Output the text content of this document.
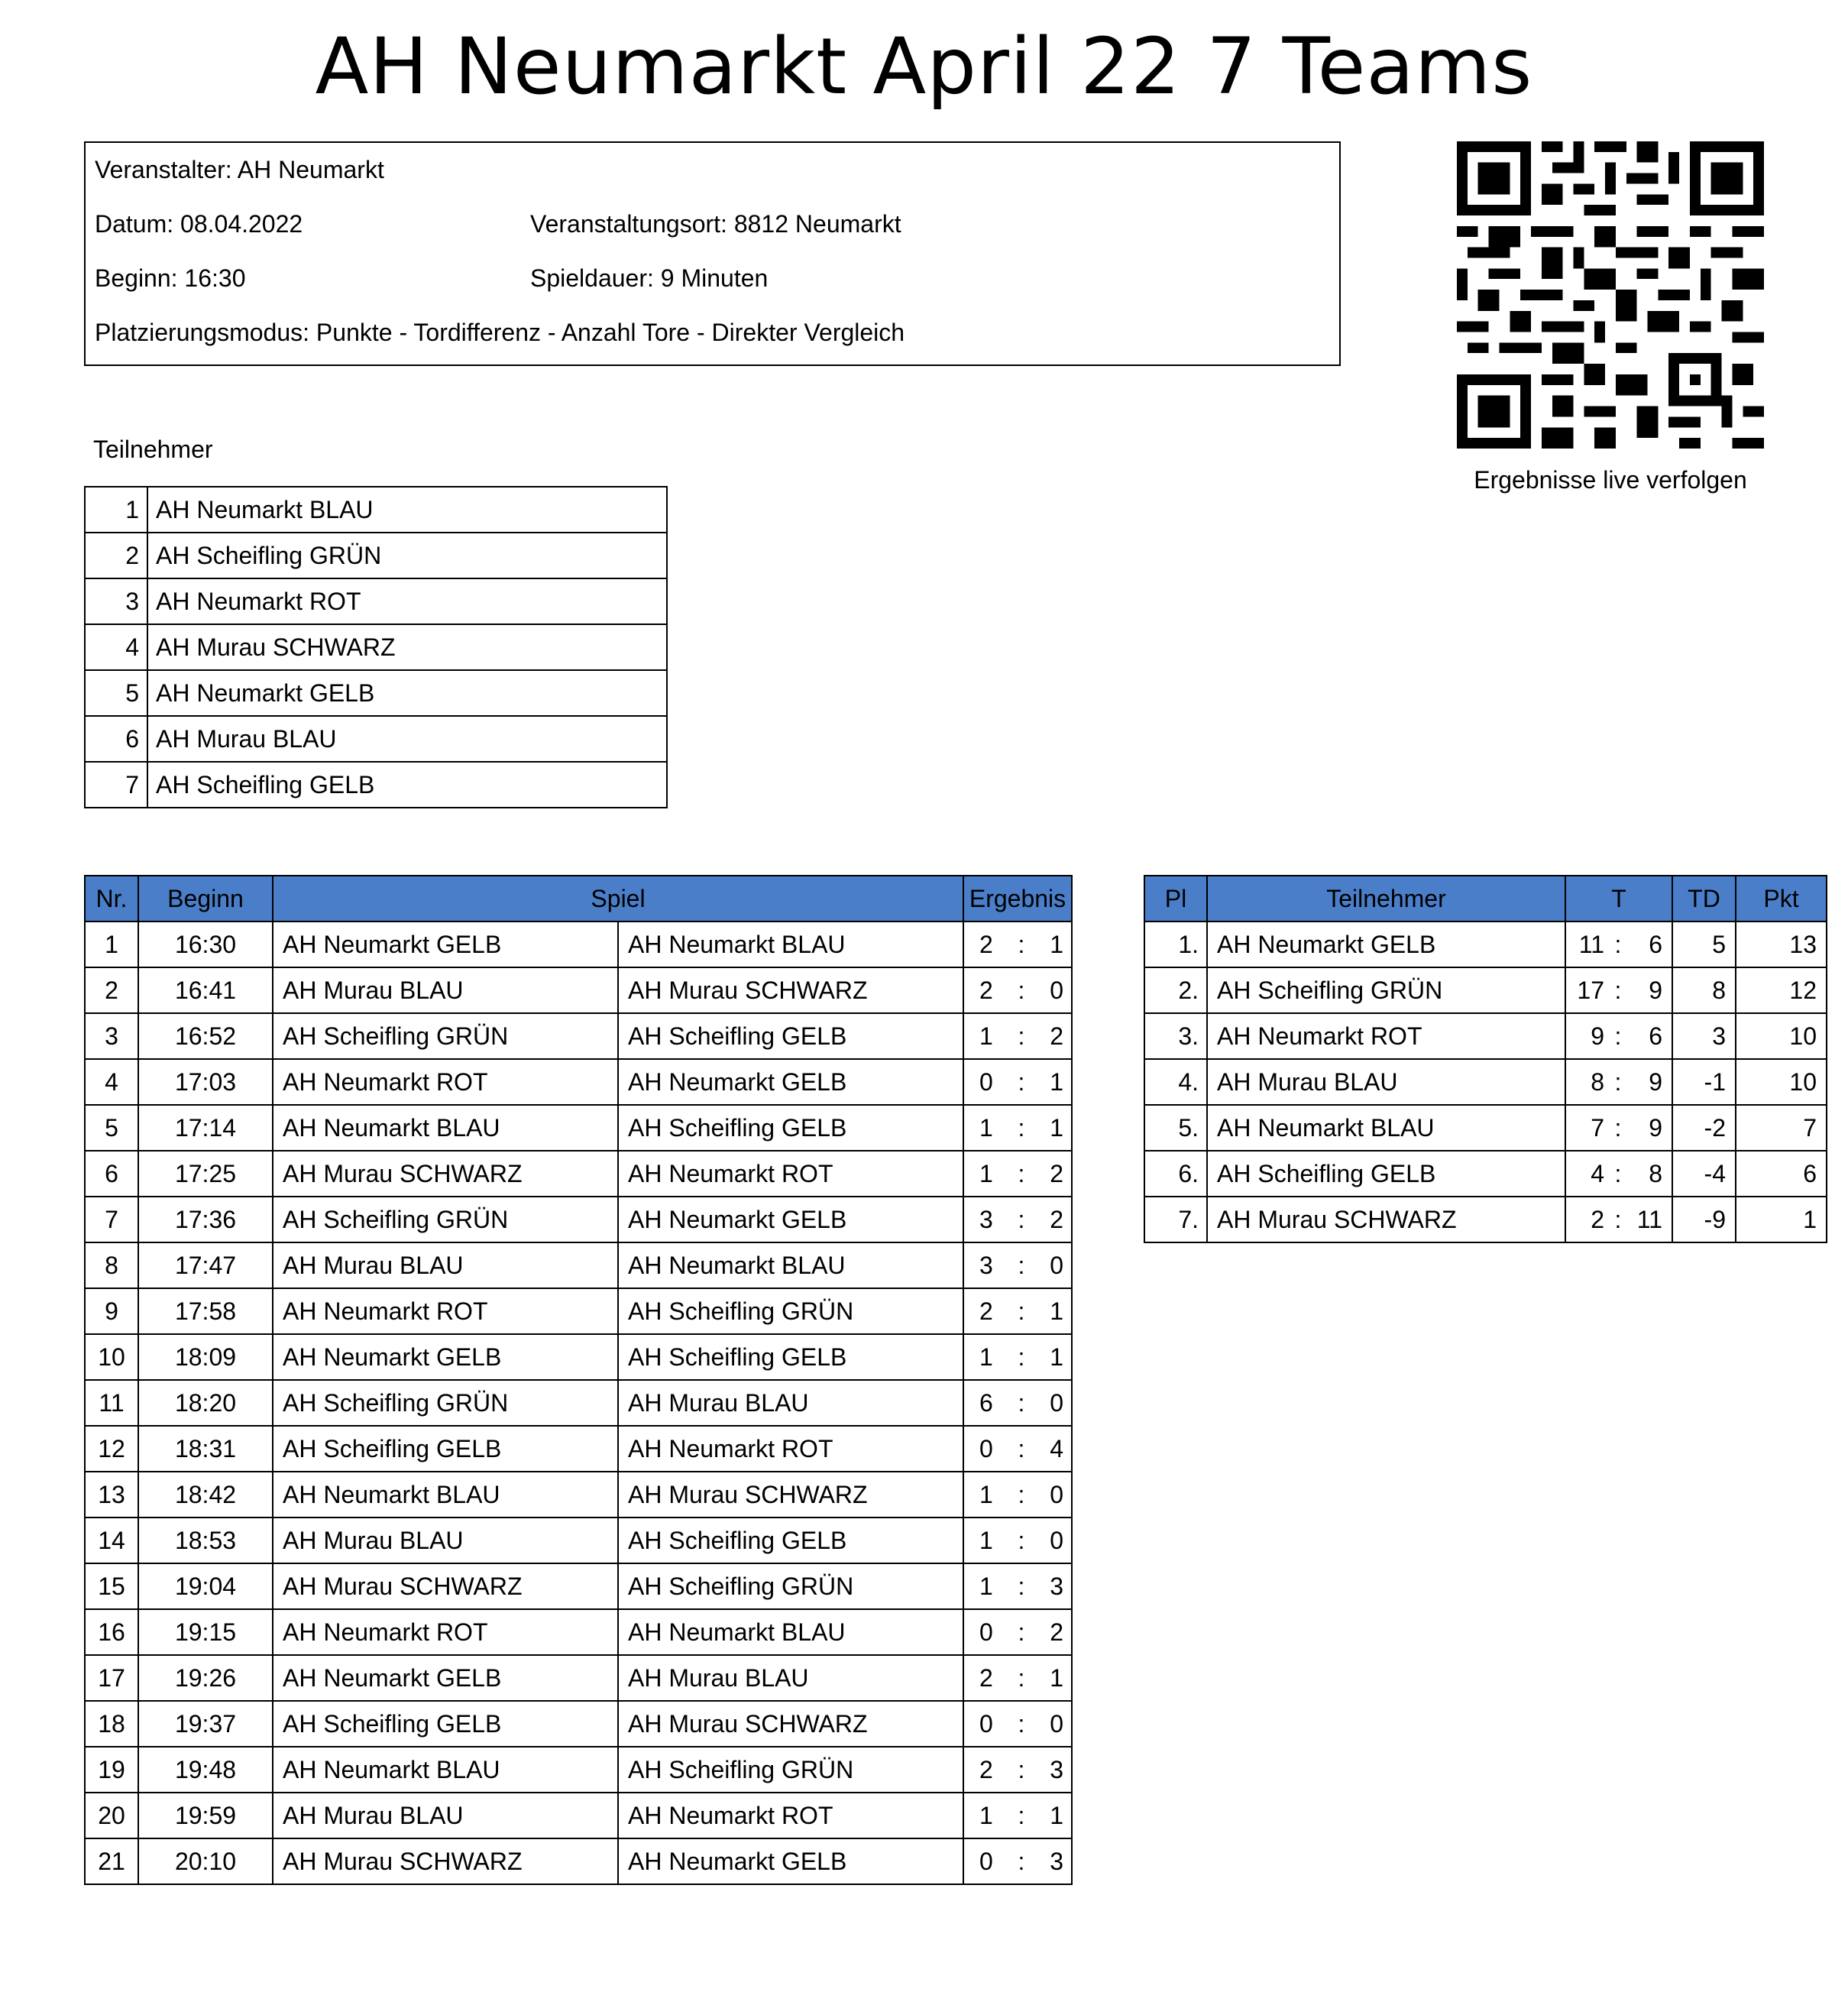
AH Neumarkt April 22 7 Teams
Veranstalter: AH Neumarkt
Datum: 08.04.2022	Veranstaltungsort: 8812 Neumarkt
Beginn: 16:30	Spieldauer: 9 Minuten
Platzierungsmodus: Punkte - Tordifferenz - Anzahl Tore - Direkter Vergleich
Ergebnisse live verfolgen
Teilnehmer
1	AH Neumarkt BLAU
2	AH Scheifling GRÜN
3	AH Neumarkt ROT
4	AH Murau SCHWARZ
5	AH Neumarkt GELB
6	AH Murau BLAU
7	AH Scheifling GELB
Nr.	Beginn	Spiel		Ergebnis
1	16:30	AH Neumarkt GELB	AH Neumarkt BLAU	2 : 1

2	16:41	AH Murau BLAU	AH Murau SCHWARZ	2 : 0

3	16:52	AH Scheifling GRÜN	AH Scheifling GELB	1 : 2

4	17:03	AH Neumarkt ROT	AH Neumarkt GELB	0 : 1

5	17:14	AH Neumarkt BLAU	AH Scheifling GELB	1 : 1

6	17:25	AH Murau SCHWARZ	AH Neumarkt ROT	1 : 2

7	17:36	AH Scheifling GRÜN	AH Neumarkt GELB	3 : 2

8	17:47	AH Murau BLAU	AH Neumarkt BLAU	3 : 0

9	17:58	AH Neumarkt ROT	AH Scheifling GRÜN	2 : 1

10	18:09	AH Neumarkt GELB	AH Scheifling GELB	1 : 1

11	18:20	AH Scheifling GRÜN	AH Murau BLAU	6 : 0

12	18:31	AH Scheifling GELB	AH Neumarkt ROT	0 : 4

13	18:42	AH Neumarkt BLAU	AH Murau SCHWARZ	1 : 0

14	18:53	AH Murau BLAU	AH Scheifling GELB	1 : 0

15	19:04	AH Murau SCHWARZ	AH Scheifling GRÜN	1 : 3

16	19:15	AH Neumarkt ROT	AH Neumarkt BLAU	0 : 2

17	19:26	AH Neumarkt GELB	AH Murau BLAU	2 : 1

18	19:37	AH Scheifling GELB	AH Murau SCHWARZ	0 : 0

19	19:48	AH Neumarkt BLAU	AH Scheifling GRÜN	2 : 3

20	19:59	AH Murau BLAU	AH Neumarkt ROT	1 : 1

21	20:10	AH Murau SCHWARZ	AH Neumarkt GELB	0 : 3
Pl	Teilnehmer	T	TD	Pkt
1.	AH Neumarkt GELB	11 : 6	5	13
2.	AH Scheifling GRÜN	17 : 9	8	12
3.	AH Neumarkt ROT	9 : 6	3	10
4.	AH Murau BLAU	8 : 9	-1	10
5.	AH Neumarkt BLAU	7 : 9	-2	7
6.	AH Scheifling GELB	4 : 8	-4	6
7.	AH Murau SCHWARZ	2 : 11	-9	1
